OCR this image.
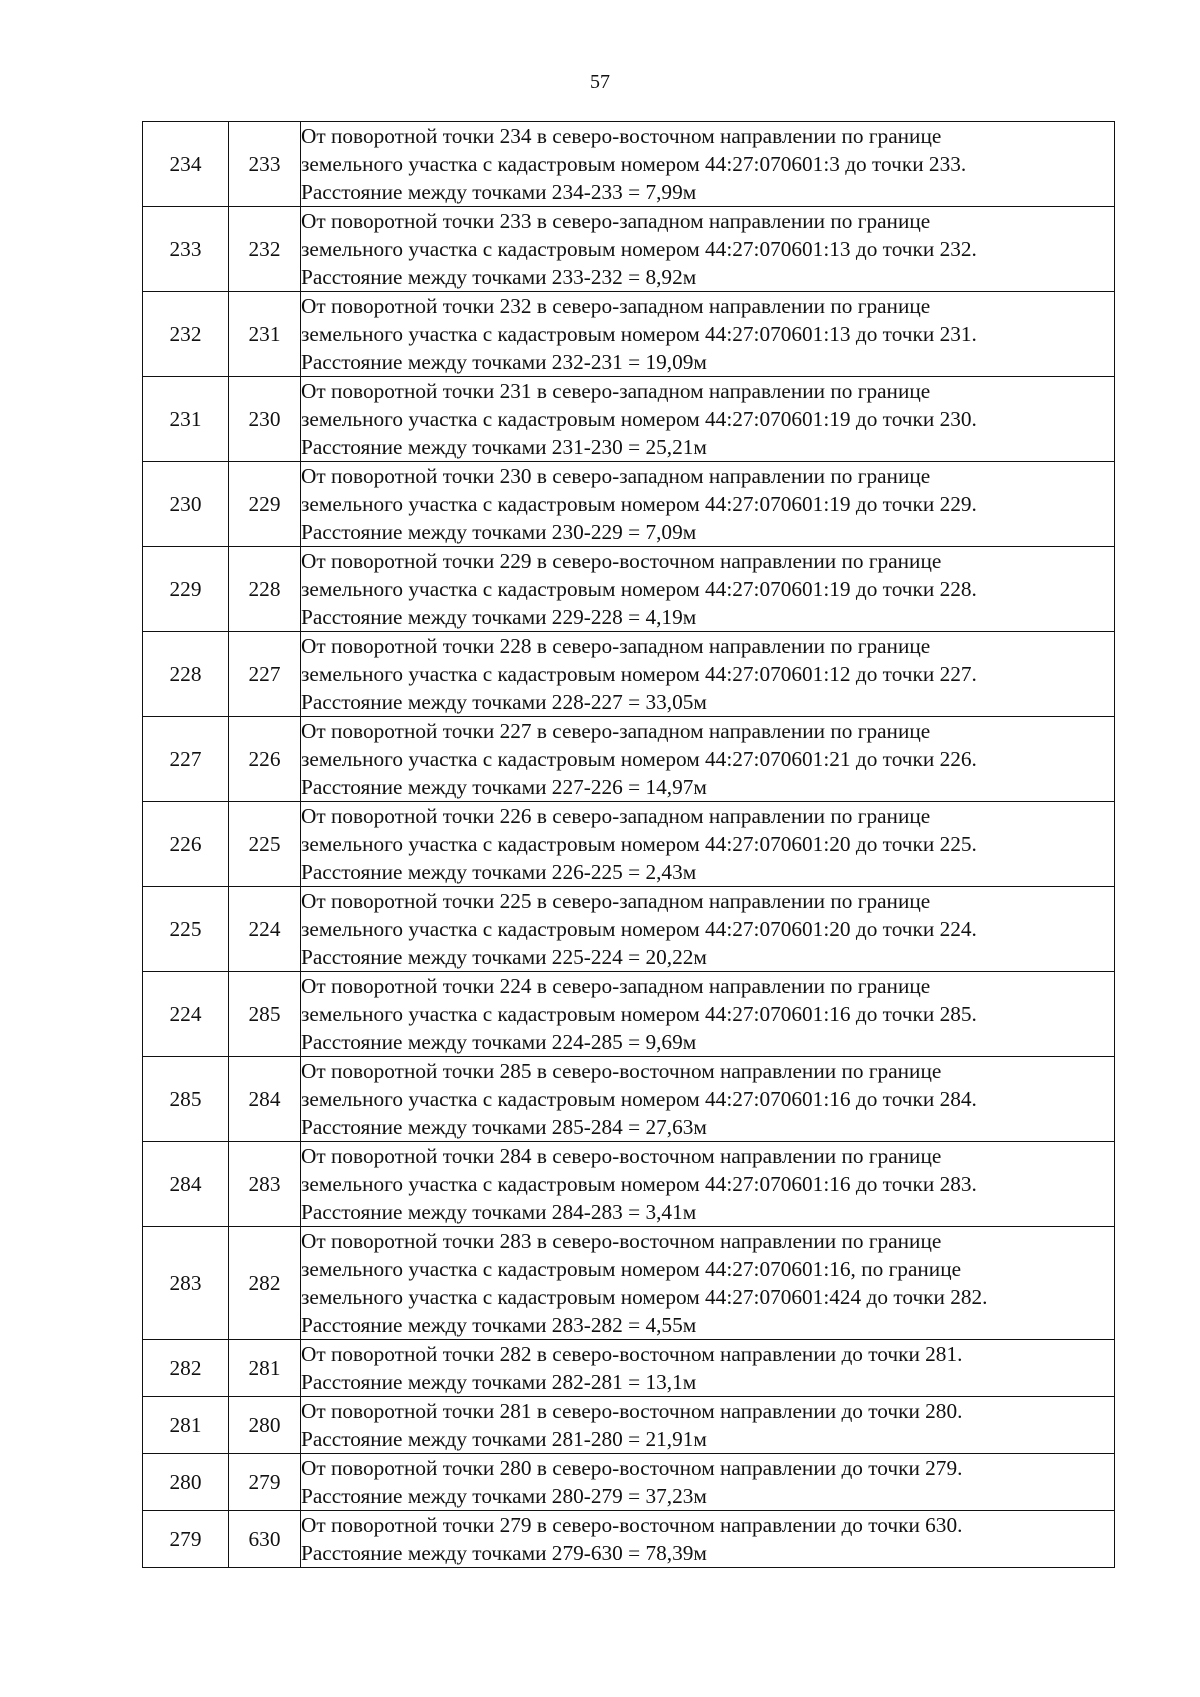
57
234	233	От поворотной точки 234 в северо-восточном направлении по границе

земельного участка с кадастровым номером 44:27:070601:3 до точки 233.

Расстояние между точками 234-233 = 7,99м

233	232	От поворотной точки 233 в северо-западном направлении по границе

земельного участка с кадастровым номером 44:27:070601:13 до точки 232.

Расстояние между точками 233-232 = 8,92м

232	231	От поворотной точки 232 в северо-западном направлении по границе

земельного участка с кадастровым номером 44:27:070601:13 до точки 231.

Расстояние между точками 232-231 = 19,09м

231	230	От поворотной точки 231 в северо-западном направлении по границе

земельного участка с кадастровым номером 44:27:070601:19 до точки 230.

Расстояние между точками 231-230 = 25,21м

230	229	От поворотной точки 230 в северо-западном направлении по границе

земельного участка с кадастровым номером 44:27:070601:19 до точки 229.

Расстояние между точками 230-229 = 7,09м

229	228	От поворотной точки 229 в северо-восточном направлении по границе

земельного участка с кадастровым номером 44:27:070601:19 до точки 228.

Расстояние между точками 229-228 = 4,19м

228	227	От поворотной точки 228 в северо-западном направлении по границе

земельного участка с кадастровым номером 44:27:070601:12 до точки 227.

Расстояние между точками 228-227 = 33,05м

227	226	От поворотной точки 227 в северо-западном направлении по границе

земельного участка с кадастровым номером 44:27:070601:21 до точки 226.

Расстояние между точками 227-226 = 14,97м

226	225	От поворотной точки 226 в северо-западном направлении по границе

земельного участка с кадастровым номером 44:27:070601:20 до точки 225.

Расстояние между точками 226-225 = 2,43м

225	224	От поворотной точки 225 в северо-западном направлении по границе

земельного участка с кадастровым номером 44:27:070601:20 до точки 224.

Расстояние между точками 225-224 = 20,22м

224	285	От поворотной точки 224 в северо-западном направлении по границе

земельного участка с кадастровым номером 44:27:070601:16 до точки 285.

Расстояние между точками 224-285 = 9,69м

285	284	От поворотной точки 285 в северо-восточном направлении по границе

земельного участка с кадастровым номером 44:27:070601:16 до точки 284.

Расстояние между точками 285-284 = 27,63м

284	283	От поворотной точки 284 в северо-восточном направлении по границе

земельного участка с кадастровым номером 44:27:070601:16 до точки 283.

Расстояние между точками 284-283 = 3,41м

283	282	От поворотной точки 283 в северо-восточном направлении по границе

земельного участка с кадастровым номером 44:27:070601:16, по границе

земельного участка с кадастровым номером 44:27:070601:424 до точки 282.

Расстояние между точками 283-282 = 4,55м

282	281	От поворотной точки 282 в северо-восточном направлении до точки 281.

Расстояние между точками 282-281 = 13,1м

281	280	От поворотной точки 281 в северо-восточном направлении до точки 280.

Расстояние между точками 281-280 = 21,91м

280	279	От поворотной точки 280 в северо-восточном направлении до точки 279.

Расстояние между точками 280-279 = 37,23м

279	630	От поворотной точки 279 в северо-восточном направлении до точки 630.

Расстояние между точками 279-630 = 78,39м
